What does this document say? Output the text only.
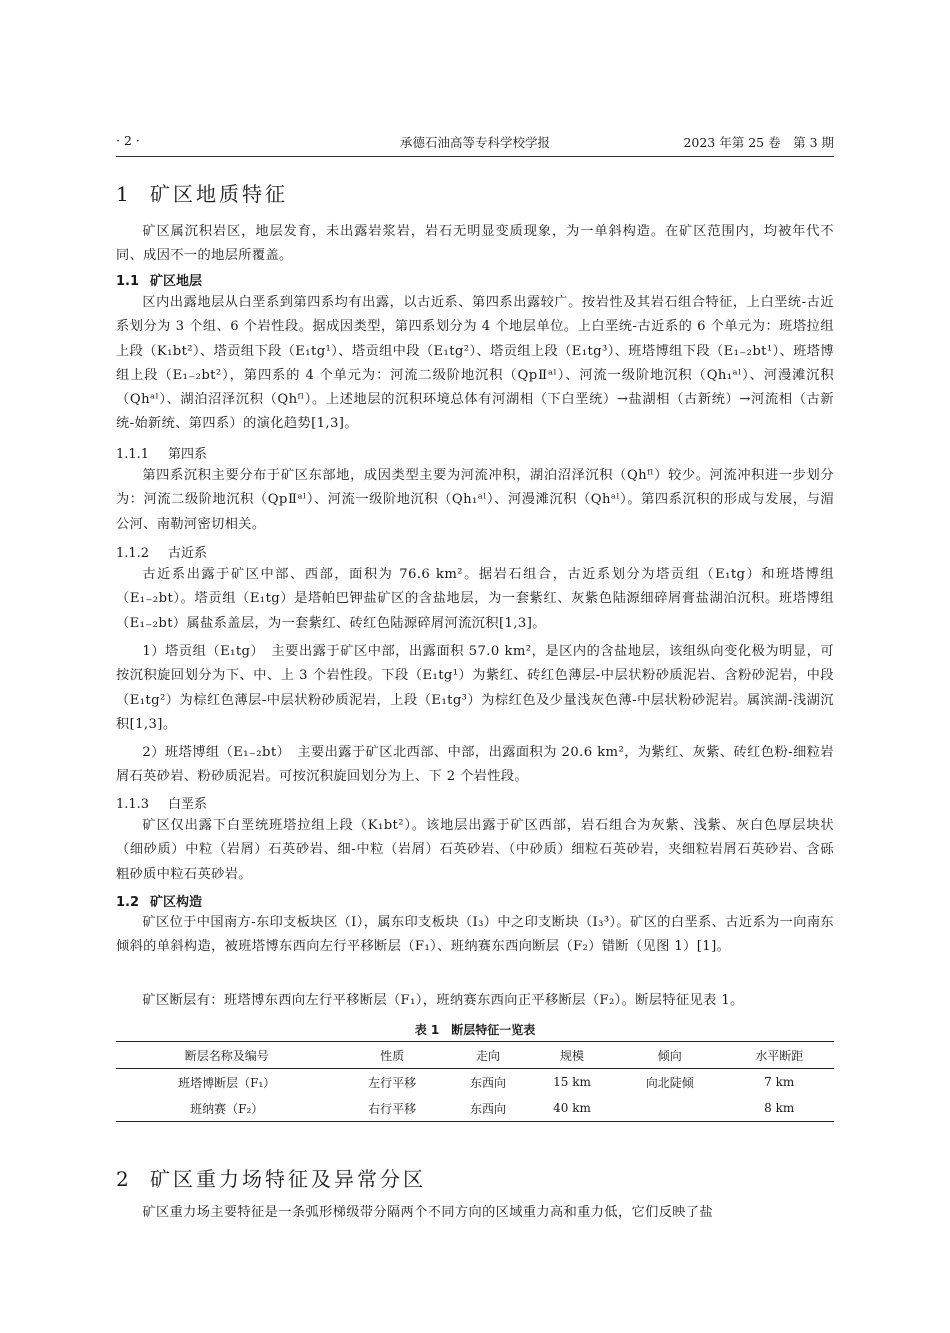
· 2 ·	承德石油高等专科学校学报	2023 年第 25 卷　第 3 期
1 矿区地质特征
矿区属沉积岩区，地层发育，未出露岩浆岩，岩石无明显变质现象，为一单斜构造。在矿区范围内，均被年代不同、成因不一的地层所覆盖。
1.1 矿区地层
区内出露地层从白垩系到第四系均有出露，以古近系、第四系出露较广。按岩性及其岩石组合特征，上白垩统-古近系划分为 3 个组、6 个岩性段。据成因类型，第四系划分为 4 个地层单位。上白垩统-古近系的 6 个单元为：班塔拉组上段（K₁bt²）、塔贡组下段（E₁tg¹）、塔贡组中段（E₁tg²）、塔贡组上段（E₁tg³）、班塔博组下段（E₁₋₂bt¹）、班塔博组上段（E₁₋₂bt²），第四系的 4 个单元为：河流二级阶地沉积（QpⅡᵃˡ）、河流一级阶地沉积（Qh₁ᵃˡ）、河漫滩沉积（Qhᵃˡ）、湖泊沼泽沉积（Qhᶠˡ）。上述地层的沉积环境总体有河湖相（下白垩统）→盐湖相（古新统）→河流相（古新统-始新统、第四系）的演化趋势[1,3]。
1.1.1 第四系
第四系沉积主要分布于矿区东部地，成因类型主要为河流冲积，湖泊沼泽沉积（Qhᶠˡ）较少。河流冲积进一步划分为：河流二级阶地沉积（QpⅡᵃˡ）、河流一级阶地沉积（Qh₁ᵃˡ）、河漫滩沉积（Qhᵃˡ）。第四系沉积的形成与发展，与湄公河、南勒河密切相关。
1.1.2 古近系
古近系出露于矿区中部、西部，面积为 76.6 km²。据岩石组合，古近系划分为塔贡组（E₁tg）和班塔博组（E₁₋₂bt）。塔贡组（E₁tg）是塔帕巴钾盐矿区的含盐地层，为一套紫红、灰紫色陆源细碎屑膏盐湖泊沉积。班塔博组（E₁₋₂bt）属盐系盖层，为一套紫红、砖红色陆源碎屑河流沉积[1,3]。
1）塔贡组（E₁tg）　主要出露于矿区中部，出露面积 57.0 km²，是区内的含盐地层，该组纵向变化极为明显，可按沉积旋回划分为下、中、上 3 个岩性段。下段（E₁tg¹）为紫红、砖红色薄层-中层状粉砂质泥岩、含粉砂泥岩，中段（E₁tg²）为棕红色薄层-中层状粉砂质泥岩，上段（E₁tg³）为棕红色及少量浅灰色薄-中层状粉砂泥岩。属滨湖-浅湖沉积[1,3]。
2）班塔博组（E₁₋₂bt）　主要出露于矿区北西部、中部，出露面积为 20.6 km²，为紫红、灰紫、砖红色粉-细粒岩屑石英砂岩、粉砂质泥岩。可按沉积旋回划分为上、下 2 个岩性段。
1.1.3 白垩系
矿区仅出露下白垩统班塔拉组上段（K₁bt²）。该地层出露于矿区西部，岩石组合为灰紫、浅紫、灰白色厚层块状（细砂质）中粒（岩屑）石英砂岩、细-中粒（岩屑）石英砂岩、（中砂质）细粒石英砂岩，夹细粒岩屑石英砂岩、含砾粗砂质中粒石英砂岩。
1.2 矿区构造
矿区位于中国南方-东印支板块区（Ⅰ），属东印支板块（Ⅰ₃）中之印支断块（Ⅰ₃³）。矿区的白垩系、古近系为一向南东倾斜的单斜构造，被班塔博东西向左行平移断层（F₁）、班纳赛东西向断层（F₂）错断（见图 1）[1]。
矿区断层有：班塔博东西向左行平移断层（F₁），班纳赛东西向正平移断层（F₂）。断层特征见表 1。
表 1　断层特征一览表
断层名称及编号	性质	走向	规模	倾向	水平断距
班塔博断层（F₁）	左行平移	东西向	15 km	向北陡倾	7 km
班纳赛（F₂）	右行平移	东西向	40 km		8 km
2 矿区重力场特征及异常分区
矿区重力场主要特征是一条弧形梯级带分隔两个不同方向的区域重力高和重力低，它们反映了盐
